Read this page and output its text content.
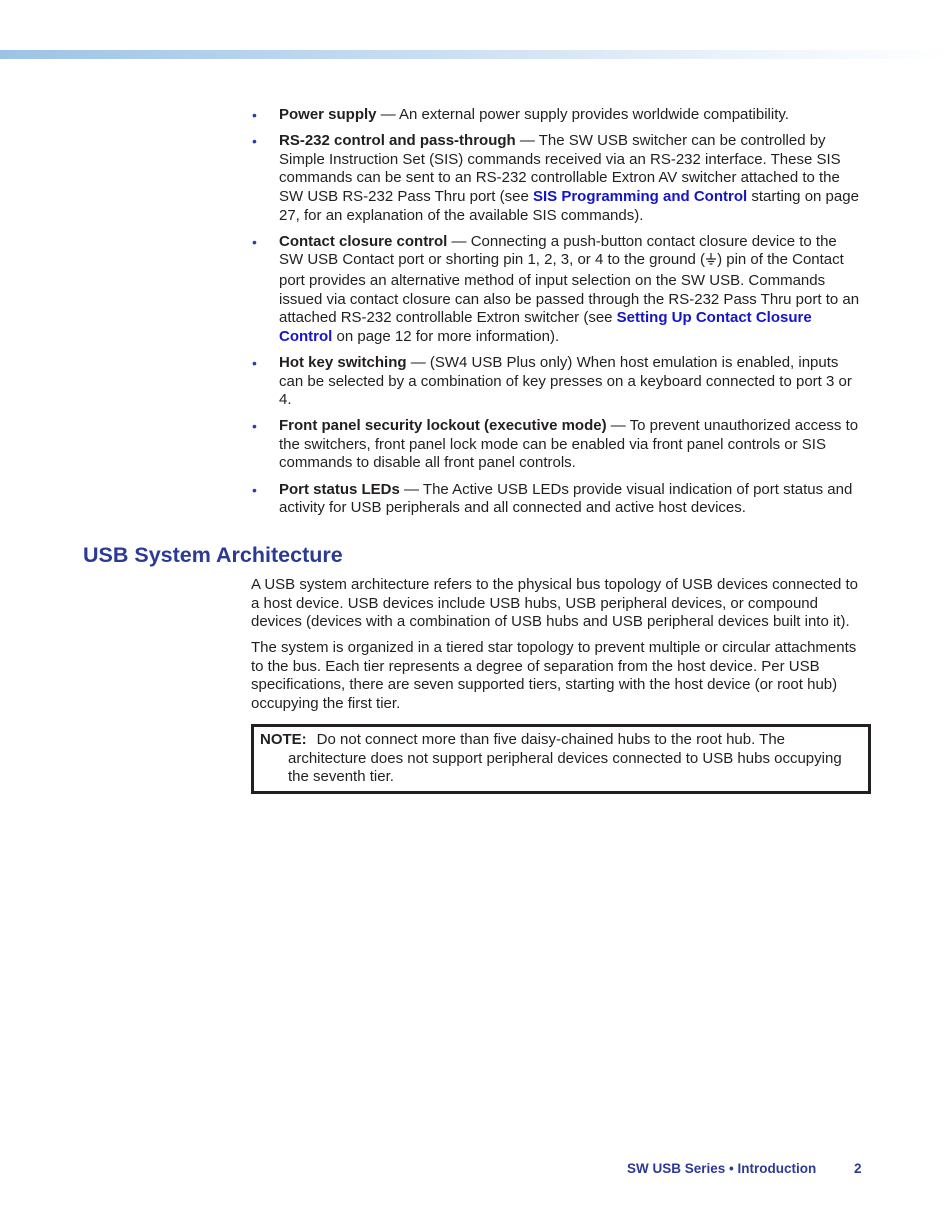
• Power supply — An external power supply provides worldwide compatibility.
• RS-232 control and pass-through — The SW USB switcher can be controlled by Simple Instruction Set (SIS) commands received via an RS-232 interface. These SIS commands can be sent to an RS-232 controllable Extron AV switcher attached to the SW USB RS-232 Pass Thru port (see SIS Programming and Control starting on page 27, for an explanation of the available SIS commands).
• Contact closure control — Connecting a push-button contact closure device to the SW USB Contact port or shorting pin 1, 2, 3, or 4 to the ground ( ) pin of the Contact port provides an alternative method of input selection on the SW USB. Commands issued via contact closure can also be passed through the RS-232 Pass Thru port to an attached RS-232 controllable Extron switcher (see Setting Up Contact Closure Control on page 12 for more information).
• Hot key switching — (SW4 USB Plus only) When host emulation is enabled, inputs can be selected by a combination of key presses on a keyboard connected to port 3 or 4.
• Front panel security lockout (executive mode) — To prevent unauthorized access to the switchers, front panel lock mode can be enabled via front panel controls or SIS commands to disable all front panel controls.
• Port status LEDs — The Active USB LEDs provide visual indication of port status and activity for USB peripherals and all connected and active host devices.
USB System Architecture

A USB system architecture refers to the physical bus topology of USB devices connected to a host device. USB devices include USB hubs, USB peripheral devices, or compound devices (devices with a combination of USB hubs and USB peripheral devices built into it).

The system is organized in a tiered star topology to prevent multiple or circular attachments to the bus. Each tier represents a degree of separation from the host device. Per USB specifications, there are seven supported tiers, starting with the host device (or root hub) occupying the first tier.

NOTE: Do not connect more than five daisy-chained hubs to the root hub. The architecture does not support peripheral devices connected to USB hubs occupying the seventh tier.

SW USB Series • Introduction	2
